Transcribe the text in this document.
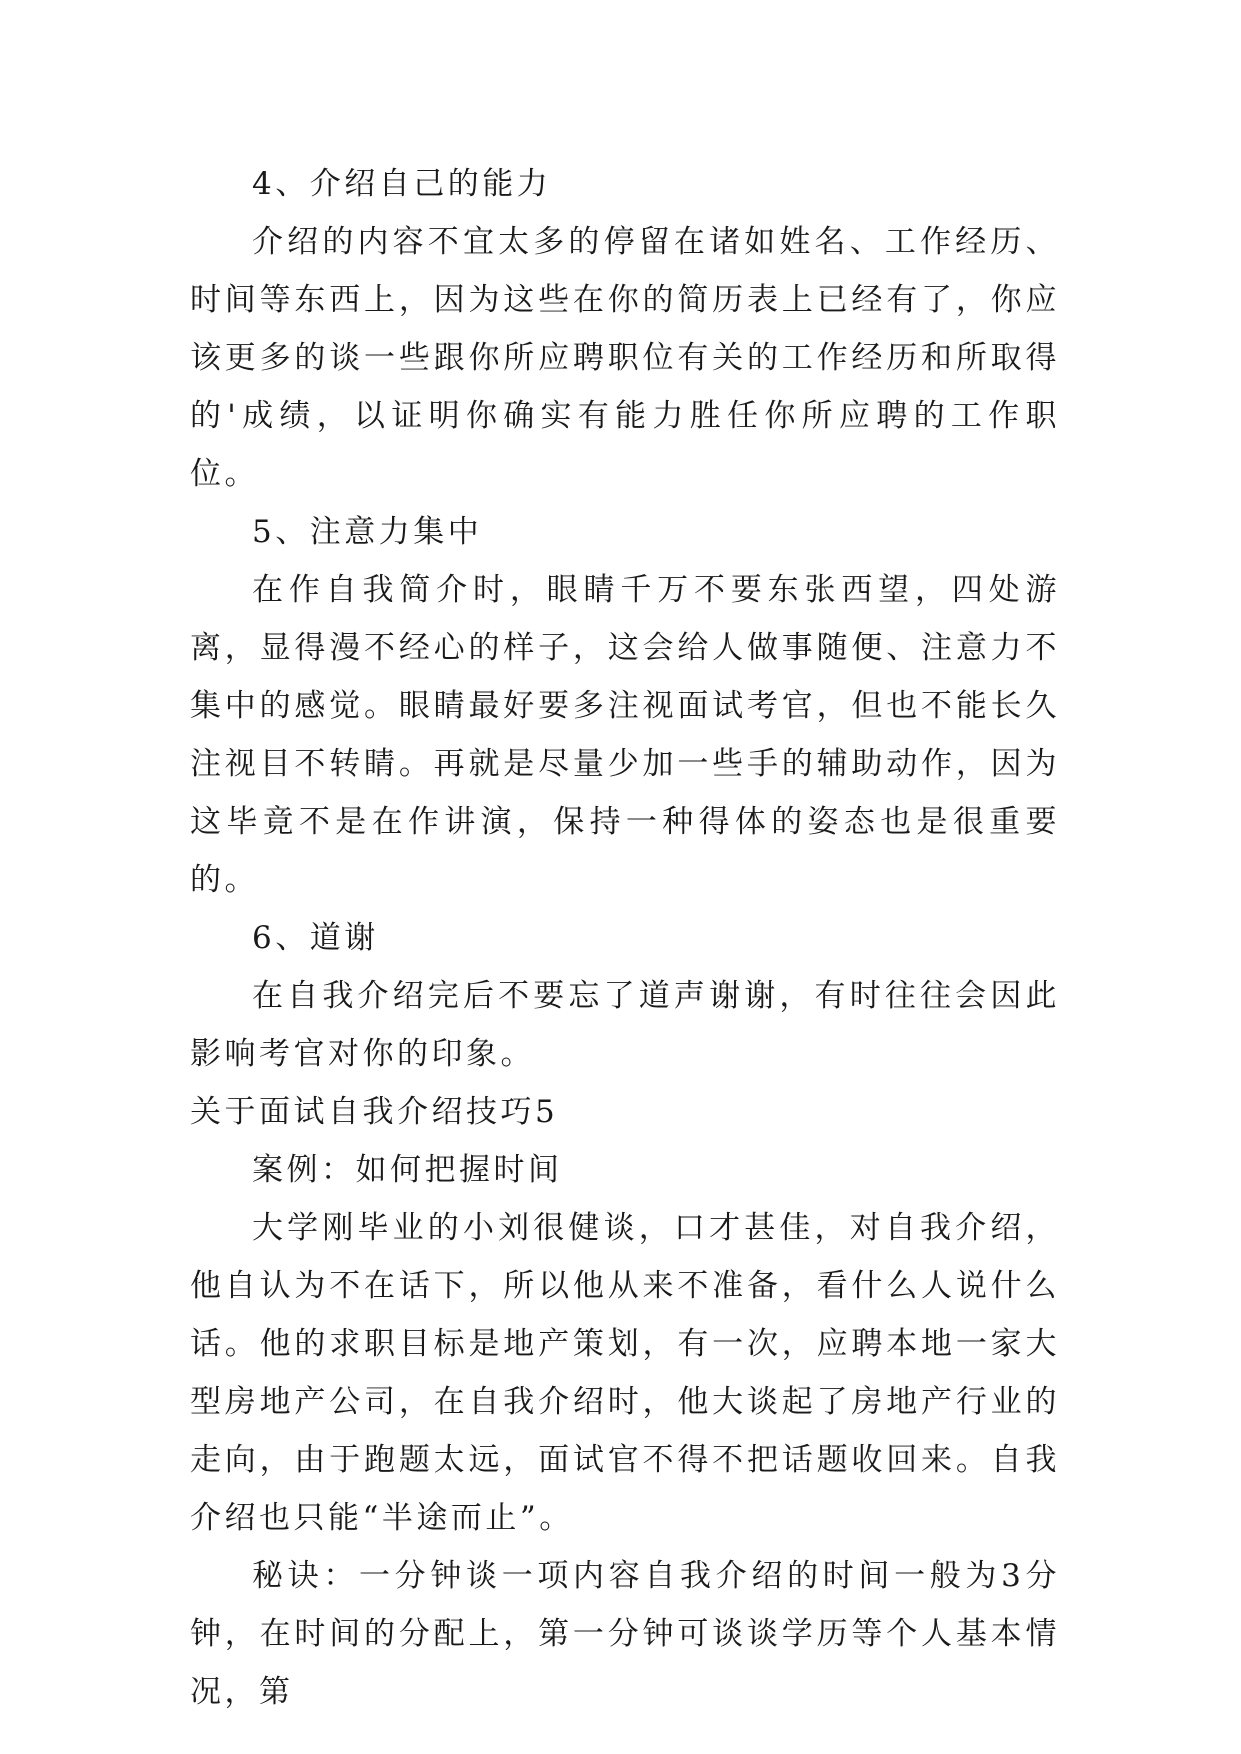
4、介绍自己的能力

介绍的内容不宜太多的停留在诸如姓名、工作经历、时间等东西上，因为这些在你的简历表上已经有了，你应该更多的谈一些跟你所应聘职位有关的工作经历和所取得的'成绩，以证明你确实有能力胜任你所应聘的工作职位。

5、注意力集中

在作自我简介时，眼睛千万不要东张西望，四处游离，显得漫不经心的样子，这会给人做事随便、注意力不集中的感觉。眼睛最好要多注视面试考官，但也不能长久注视目不转睛。再就是尽量少加一些手的辅助动作，因为这毕竟不是在作讲演，保持一种得体的姿态也是很重要的。

6、道谢

在自我介绍完后不要忘了道声谢谢，有时往往会因此影响考官对你的印象。

关于面试自我介绍技巧5

案例：如何把握时间

大学刚毕业的小刘很健谈，口才甚佳，对自我介绍，他自认为不在话下，所以他从来不准备，看什么人说什么话。他的求职目标是地产策划，有一次，应聘本地一家大型房地产公司，在自我介绍时，他大谈起了房地产行业的走向，由于跑题太远，面试官不得不把话题收回来。自我介绍也只能“半途而止”。

秘诀：一分钟谈一项内容自我介绍的时间一般为3分钟，在时间的分配上，第一分钟可谈谈学历等个人基本情况，第
